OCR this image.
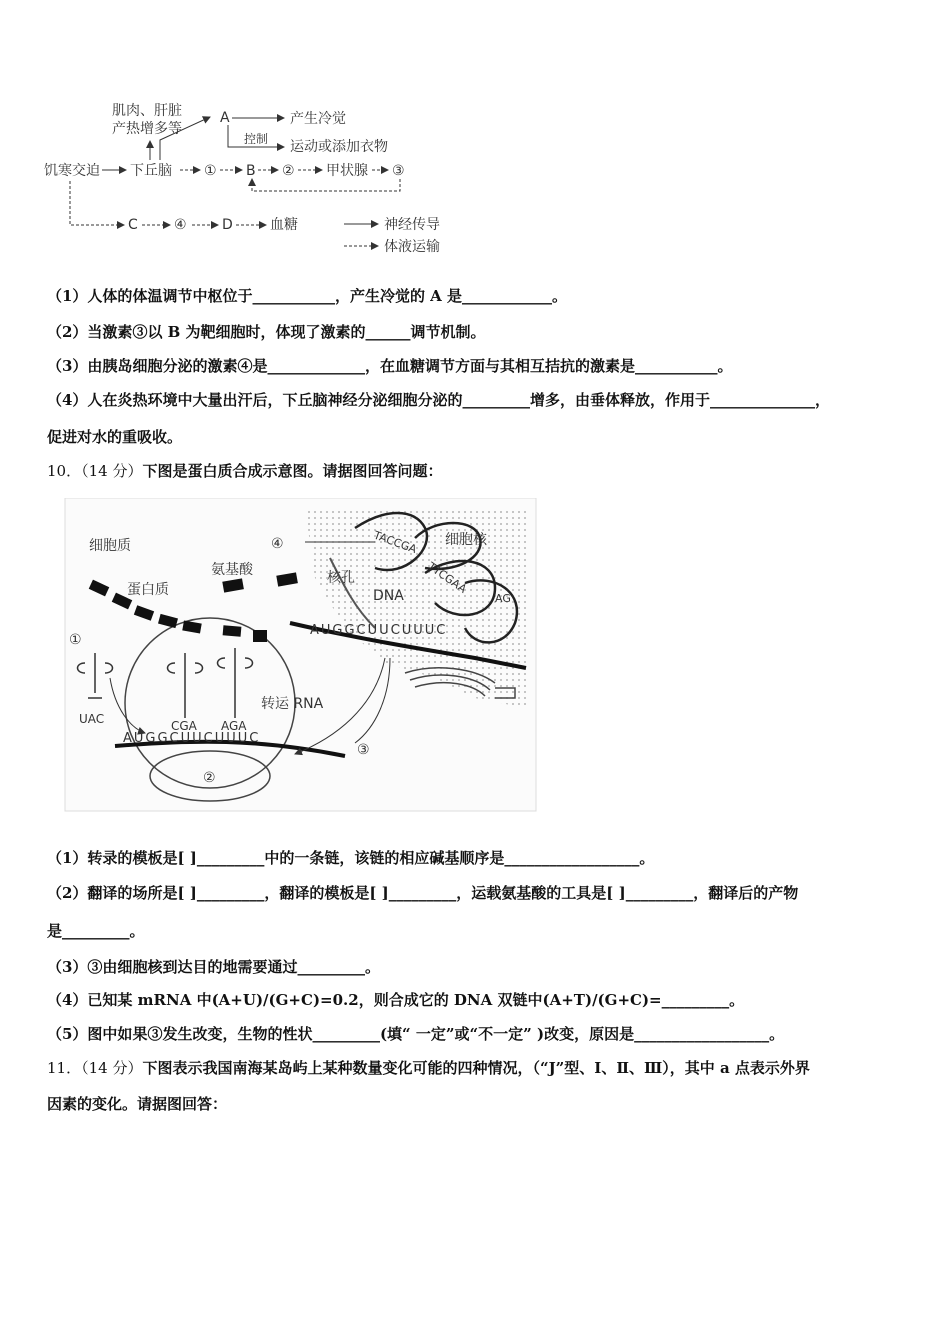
肌肉、肝脏
产热增多等
A	产生冷觉
控制 运动或添加衣物
饥寒交迫 下丘脑 ① B ② 甲状腺 ③
C	④	D	血糖	神经传导
体液运输
（1）人体的体温调节中枢位于___________，产生冷觉的 A 是____________。
（2）当激素③以 B 为靶细胞时，体现了激素的______调节机制。
（3）由胰岛细胞分泌的激素④是_____________，在血糖调节方面与其相互拮抗的激素是___________。
（4）人在炎热环境中大量出汗后，下丘脑神经分泌细胞分泌的_________增多，由垂体释放，作用于______________，
促进对水的重吸收。
10．（14 分）下图是蛋白质合成示意图。请据图回答问题：
细胞质	细胞核
蛋白质
氨基酸	核孔
DNA
转运 RNA
①
②
③
④
UAC	CGA AGA
AUGGCUUCUUUC
AUGGCUUCUUUC
TACCGA
TTCGAA
AG
（1）转录的模板是[ ]_________中的一条链，该链的相应碱基顺序是__________________。
（2）翻译的场所是[ ]_________，翻译的模板是[ ]_________，运载氨基酸的工具是[ ]_________，翻译后的产物
是_________。
（3）③由细胞核到达目的地需要通过_________。
（4）已知某 mRNA 中(A+U)/(G+C)=0.2，则合成它的 DNA 双链中(A+T)/(G+C)=_________。
（5）图中如果③发生改变，生物的性状_________(填“ 一定”或“不一定” )改变，原因是__________________。
11．（14 分）下图表示我国南海某岛屿上某种数量变化可能的四种情况，（“J”型、Ⅰ、Ⅱ、Ⅲ），其中 a 点表示外界
因素的变化。请据图回答：
